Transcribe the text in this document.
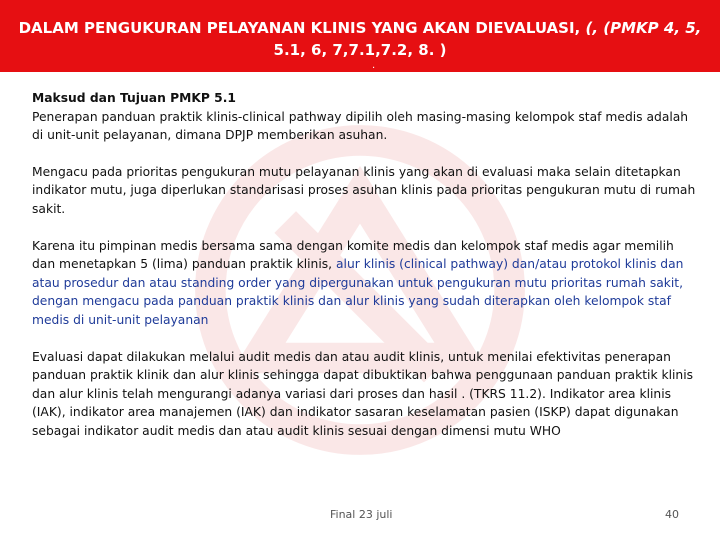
DALAM PENGUKURAN PELAYANAN KLINIS YANG AKAN DIEVALUASI, (, (PMKP 4, 5,
5.1, 6, 7,7.1,7.2, 8. )
.

Maksud dan Tujuan PMKP 5.1

Penerapan panduan praktik klinis-clinical pathway dipilih oleh masing-masing kelompok staf medis adalah di unit-unit pelayanan, dimana DPJP memberikan asuhan.

Mengacu pada prioritas pengukuran mutu pelayanan klinis yang akan di evaluasi maka selain ditetapkan indikator mutu, juga diperlukan standarisasi proses asuhan klinis pada prioritas pengukuran mutu di rumah sakit.

Karena itu pimpinan medis bersama sama dengan komite medis dan kelompok staf medis agar memilih dan menetapkan 5 (lima) panduan praktik klinis, alur klinis (clinical pathway) dan/atau protokol klinis dan atau prosedur dan atau standing order yang dipergunakan untuk pengukuran mutu prioritas rumah sakit, dengan mengacu pada panduan praktik klinis dan alur klinis yang sudah diterapkan oleh kelompok staf medis di unit-unit pelayanan

Evaluasi dapat dilakukan melalui audit medis dan atau audit klinis, untuk menilai efektivitas penerapan panduan praktik klinik dan alur klinis sehingga dapat dibuktikan bahwa penggunaan panduan praktik klinis dan alur klinis telah mengurangi adanya variasi dari proses dan hasil . (TKRS 11.2). Indikator area klinis (IAK), indikator area manajemen (IAK) dan indikator sasaran keselamatan pasien (ISKP) dapat digunakan sebagai indikator audit medis dan atau audit klinis sesuai dengan dimensi mutu WHO

Final 23 juli	40
